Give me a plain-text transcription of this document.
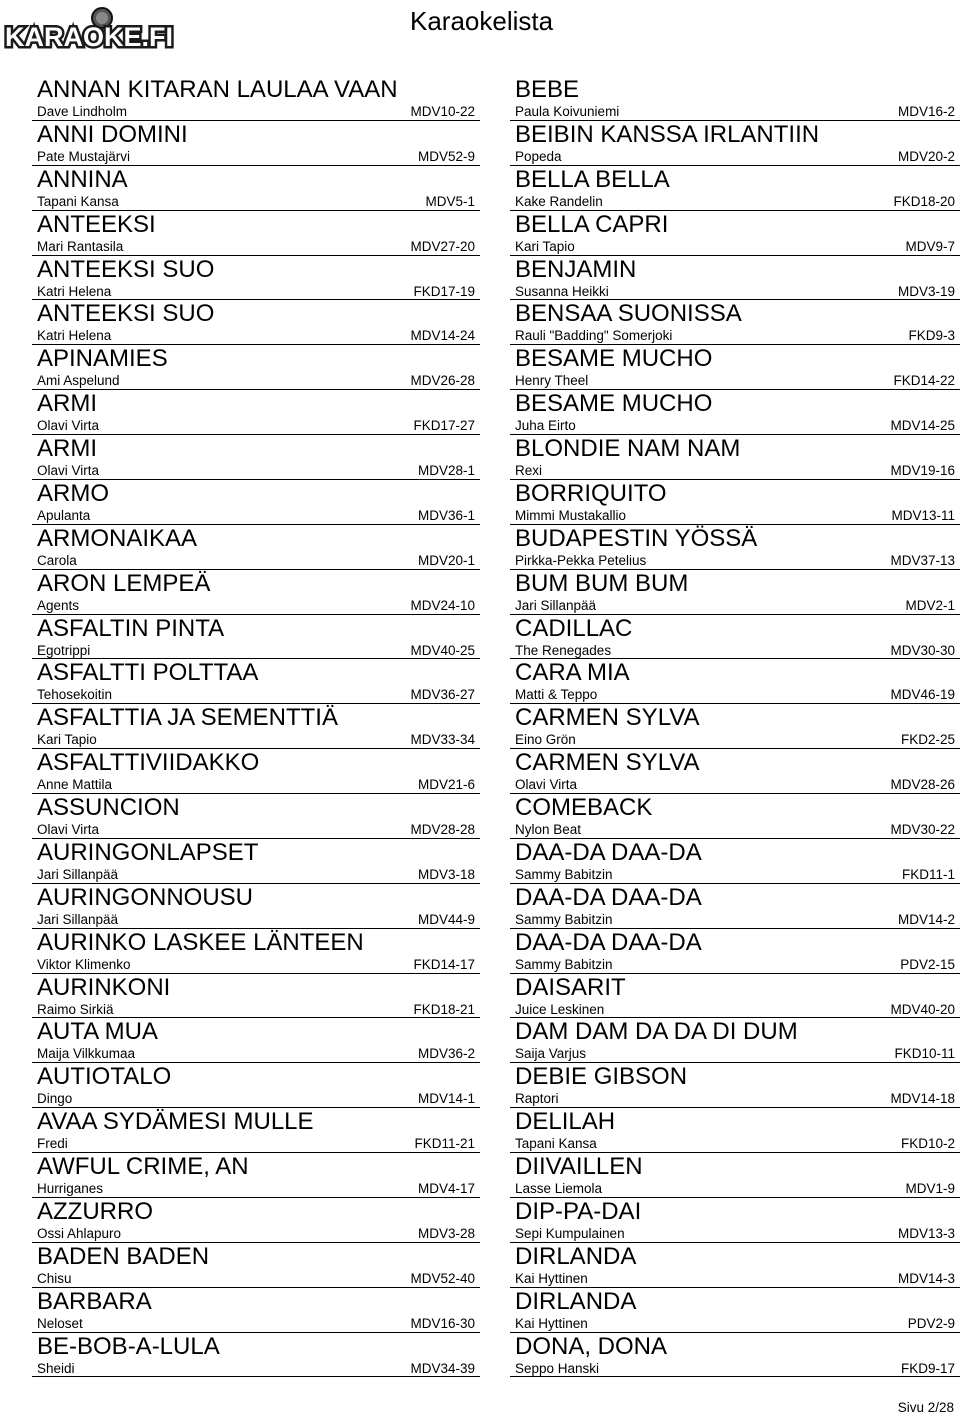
KARAOKE.FI
Karaokelista
ANNAN KITARAN LAULAA VAAN
Dave Lindholm	MDV10-22
ANNI DOMINI
Pate Mustajärvi	MDV52-9
ANNINA
Tapani Kansa	MDV5-1
ANTEEKSI
Mari Rantasila	MDV27-20
ANTEEKSI SUO
Katri Helena	FKD17-19
ANTEEKSI SUO
Katri Helena	MDV14-24
APINAMIES
Ami Aspelund	MDV26-28
ARMI
Olavi Virta	FKD17-27
ARMI
Olavi Virta	MDV28-1
ARMO
Apulanta	MDV36-1
ARMONAIKAA
Carola	MDV20-1
ARON LEMPEÄ
Agents	MDV24-10
ASFALTIN PINTA
Egotrippi	MDV40-25
ASFALTTI POLTTAA
Tehosekoitin	MDV36-27
ASFALTTIA JA SEMENTTIÄ
Kari Tapio	MDV33-34
ASFALTTIVIIDAKKO
Anne Mattila	MDV21-6
ASSUNCION
Olavi Virta	MDV28-28
AURINGONLAPSET
Jari Sillanpää	MDV3-18
AURINGONNOUSU
Jari Sillanpää	MDV44-9
AURINKO LASKEE LÄNTEEN
Viktor Klimenko	FKD14-17
AURINKONI
Raimo Sirkiä	FKD18-21
AUTA MUA
Maija Vilkkumaa	MDV36-2
AUTIOTALO
Dingo	MDV14-1
AVAA SYDÄMESI MULLE
Fredi	FKD11-21
AWFUL CRIME, AN
Hurriganes	MDV4-17
AZZURRO
Ossi Ahlapuro	MDV3-28
BADEN BADEN
Chisu	MDV52-40
BARBARA
Neloset	MDV16-30
BE-BOB-A-LULA
Sheidi	MDV34-39
BEBE
Paula Koivuniemi	MDV16-2
BEIBIN KANSSA IRLANTIIN
Popeda	MDV20-2
BELLA BELLA
Kake Randelin	FKD18-20
BELLA CAPRI
Kari Tapio	MDV9-7
BENJAMIN
Susanna Heikki	MDV3-19
BENSAA SUONISSA
Rauli "Badding" Somerjoki	FKD9-3
BESAME MUCHO
Henry Theel	FKD14-22
BESAME MUCHO
Juha Eirto	MDV14-25
BLONDIE NAM NAM
Rexi	MDV19-16
BORRIQUITO
Mimmi Mustakallio	MDV13-11
BUDAPESTIN YÖSSÄ
Pirkka-Pekka Petelius	MDV37-13
BUM BUM BUM
Jari Sillanpää	MDV2-1
CADILLAC
The Renegades	MDV30-30
CARA MIA
Matti & Teppo	MDV46-19
CARMEN SYLVA
Eino Grön	FKD2-25
CARMEN SYLVA
Olavi Virta	MDV28-26
COMEBACK
Nylon Beat	MDV30-22
DAA-DA DAA-DA
Sammy Babitzin	FKD11-1
DAA-DA DAA-DA
Sammy Babitzin	MDV14-2
DAA-DA DAA-DA
Sammy Babitzin	PDV2-15
DAISARIT
Juice Leskinen	MDV40-20
DAM DAM DA DA DI DUM
Saija Varjus	FKD10-11
DEBIE GIBSON
Raptori	MDV14-18
DELILAH
Tapani Kansa	FKD10-2
DIIVAILLEN
Lasse Liemola	MDV1-9
DIP-PA-DAI
Sepi Kumpulainen	MDV13-3
DIRLANDA
Kai Hyttinen	MDV14-3
DIRLANDA
Kai Hyttinen	PDV2-9
DONA, DONA
Seppo Hanski	FKD9-17
Sivu 2/28
